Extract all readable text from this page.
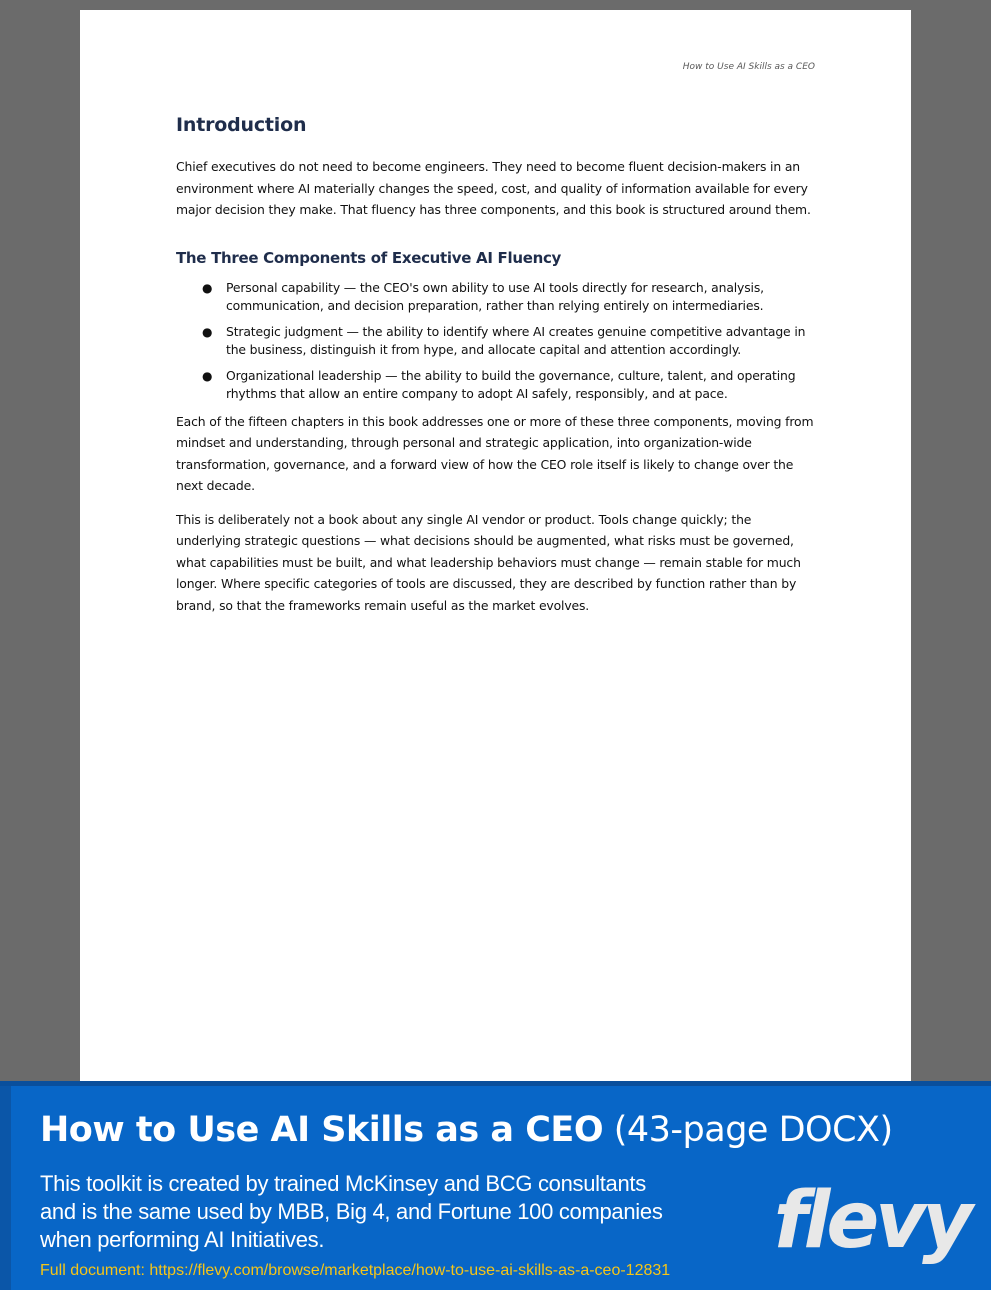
How to Use AI Skills as a CEO
Introduction

Chief executives do not need to become engineers. They need to become fluent decision-makers in an environment where AI materially changes the speed, cost, and quality of information available for every major decision they make. That fluency has three components, and this book is structured around them.

The Three Components of Executive AI Fluency
● Personal capability — the CEO's own ability to use AI tools directly for research, analysis, communication, and decision preparation, rather than relying entirely on intermediaries.
● Strategic judgment — the ability to identify where AI creates genuine competitive advantage in the business, distinguish it from hype, and allocate capital and attention accordingly.
● Organizational leadership — the ability to build the governance, culture, talent, and operating rhythms that allow an entire company to adopt AI safely, responsibly, and at pace.

Each of the fifteen chapters in this book addresses one or more of these three components, moving from mindset and understanding, through personal and strategic application, into organization-wide transformation, governance, and a forward view of how the CEO role itself is likely to change over the next decade.

This is deliberately not a book about any single AI vendor or product. Tools change quickly; the underlying strategic questions — what decisions should be augmented, what risks must be governed, what capabilities must be built, and what leadership behaviors must change — remain stable for much longer. Where specific categories of tools are discussed, they are described by function rather than by brand, so that the frameworks remain useful as the market evolves.

How to Use AI Skills as a CEO (43-page DOCX)
This toolkit is created by trained McKinsey and BCG consultants and is the same used by MBB, Big 4, and Fortune 100 companies when performing AI Initiatives.
Full document: https://flevy.com/browse/marketplace/how-to-use-ai-skills-as-a-ceo-12831
flevy
